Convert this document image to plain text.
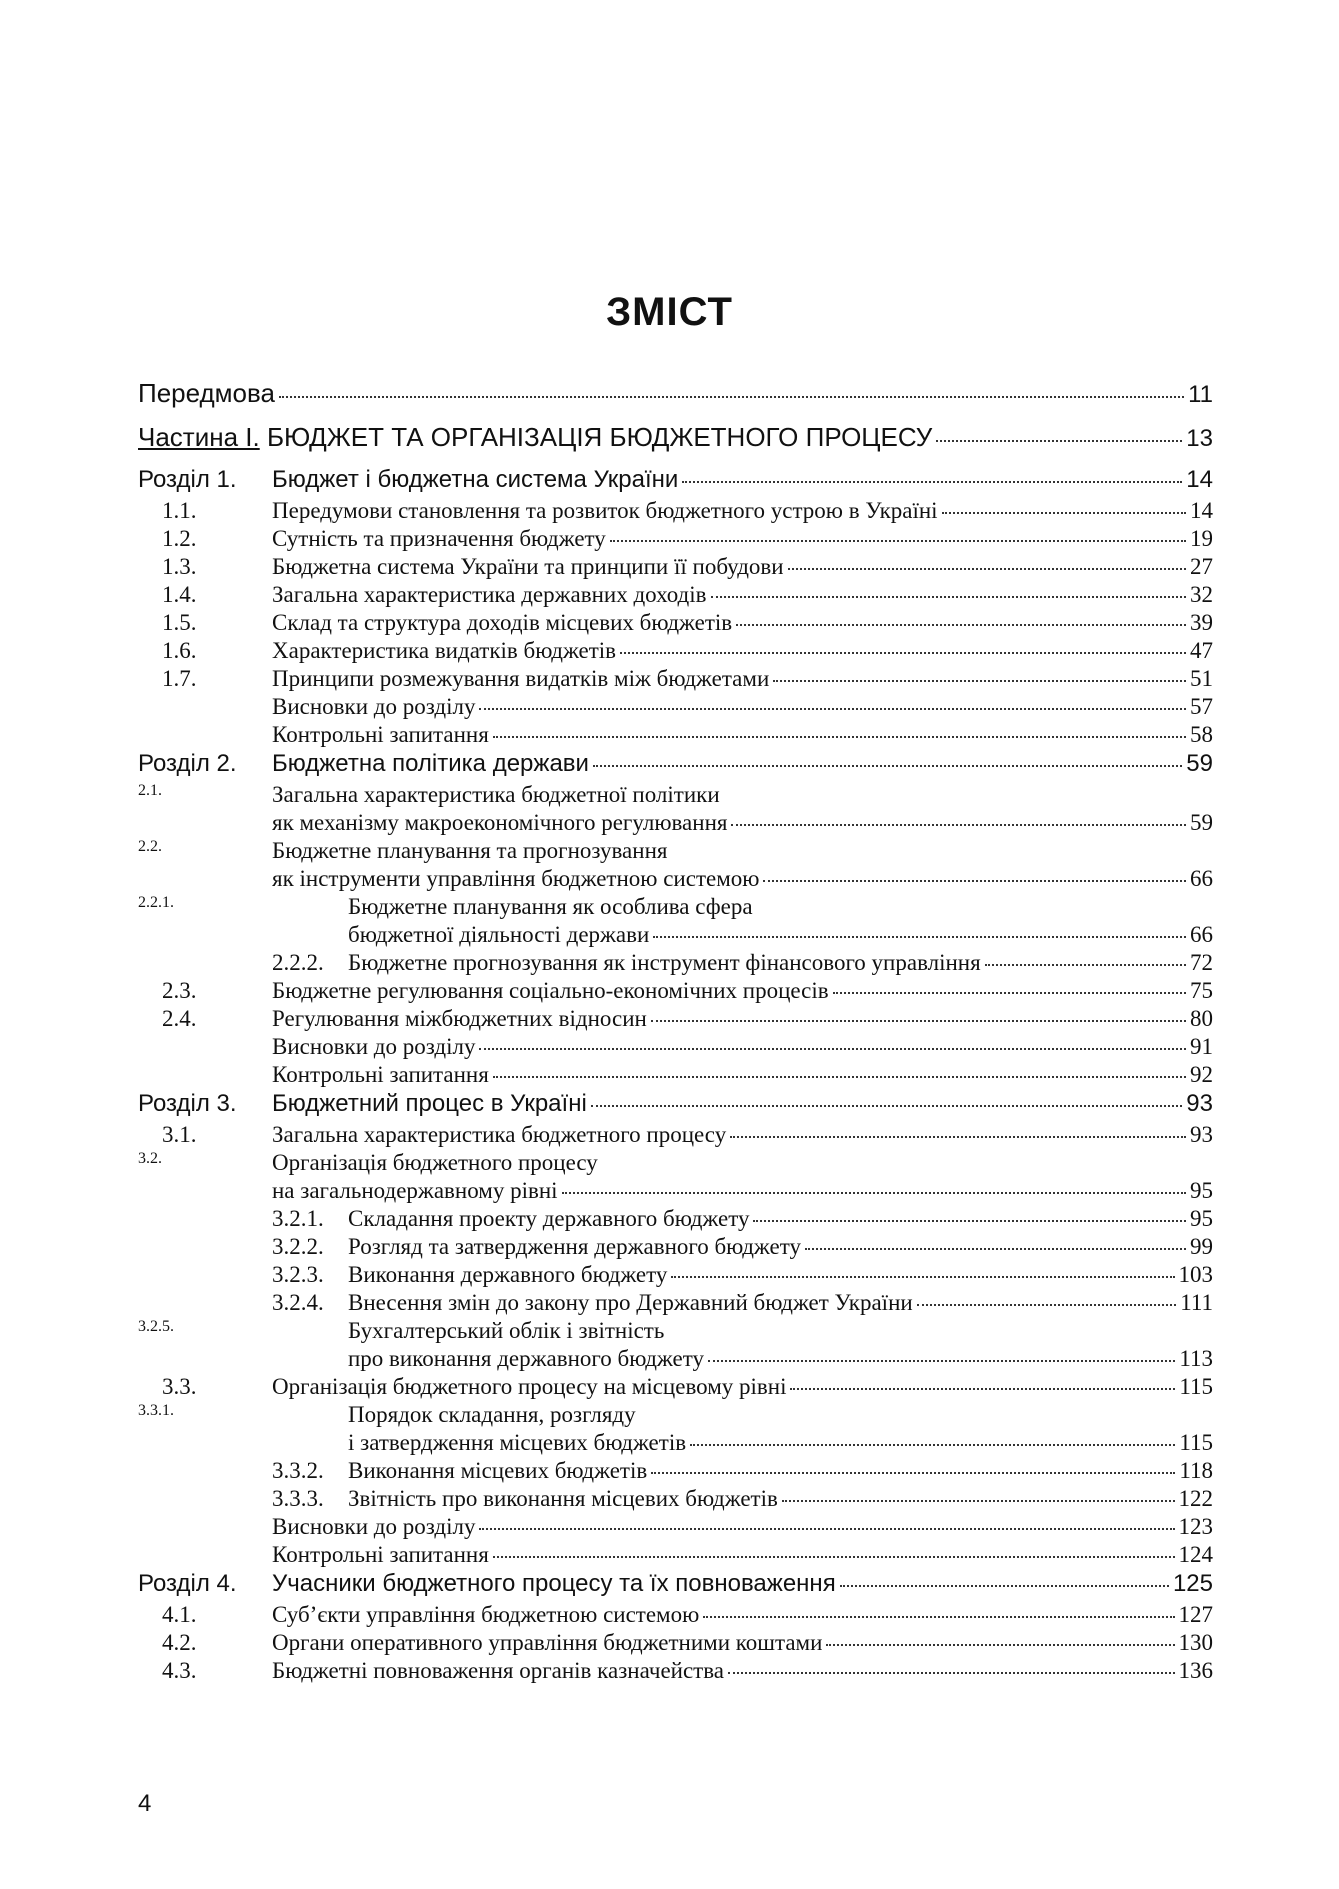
ЗМІСТ
Передмова	11
Частина І. БЮДЖЕТ ТА ОРГАНІЗАЦІЯ БЮДЖЕТНОГО ПРОЦЕСУ	13
Розділ 1. Бюджет і бюджетна система України	14
1.1.	Передумови становлення та розвиток бюджетного устрою в Україні	14
1.2.	Сутність та призначення бюджету	19
1.3.	Бюджетна система України та принципи її побудови	27
1.4.	Загальна характеристика державних доходів	32
1.5.	Склад та структура доходів місцевих бюджетів	39
1.6.	Характеристика видатків бюджетів	47
1.7.	Принципи розмежування видатків між бюджетами	51
Висновки до розділу	57
Контрольні запитання	58
Розділ 2. Бюджетна політика держави	59
2.1.	Загальна характеристика бюджетної політики
як механізму макроекономічного регулювання	59
2.2.	Бюджетне планування та прогнозування
як інструменти управління бюджетною системою	66
2.2.1.	Бюджетне планування як особлива сфера
бюджетної діяльності держави	66
2.2.2. Бюджетне прогнозування як інструмент фінансового управління	72
2.3.	Бюджетне регулювання соціально-економічних процесів	75
2.4.	Регулювання міжбюджетних відносин	80
Висновки до розділу	91
Контрольні запитання	92
Розділ 3. Бюджетний процес в Україні	93
3.1.	Загальна характеристика бюджетного процесу	93
3.2.	Організація бюджетного процесу
на загальнодержавному рівні	95
3.2.1. Складання проекту державного бюджету	95
3.2.2. Розгляд та затвердження державного бюджету	99
3.2.3. Виконання державного бюджету	103
3.2.4. Внесення змін до закону про Державний бюджет України	111
3.2.5.	Бухгалтерський облік і звітність
про виконання державного бюджету	113
3.3.	Організація бюджетного процесу на місцевому рівні	115
3.3.1.	Порядок складання, розгляду
і затвердження місцевих бюджетів	115
3.3.2. Виконання місцевих бюджетів	118
3.3.3. Звітність про виконання місцевих бюджетів	122
Висновки до розділу	123
Контрольні запитання	124
Розділ 4. Учасники бюджетного процесу та їх повноваження	125
4.1.	Суб’єкти управління бюджетною системою	127
4.2.	Органи оперативного управління бюджетними коштами	130
4.3.	Бюджетні повноваження органів казначейства	136
4
